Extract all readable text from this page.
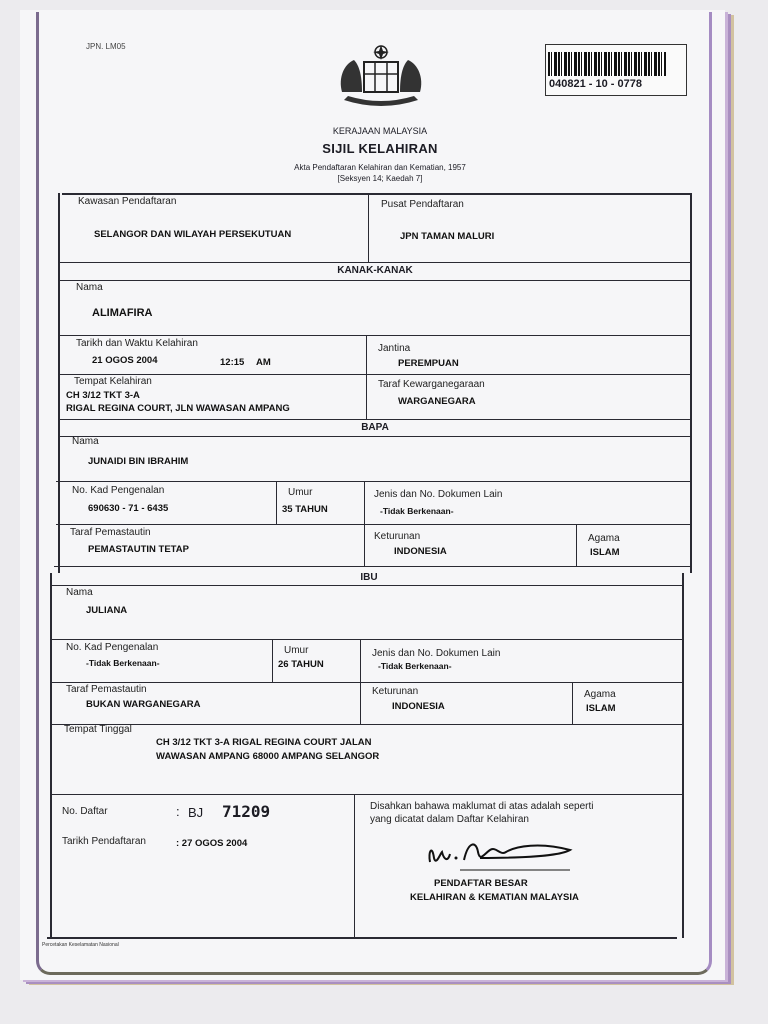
JPN. LM05
040821 - 10 - 0778
KERAJAAN MALAYSIA
SIJIL KELAHIRAN
Akta Pendaftaran Kelahiran dan Kematian, 1957
[Seksyen 14; Kaedah 7]
Kawasan Pendaftaran
SELANGOR DAN WILAYAH PERSEKUTUAN
Pusat Pendaftaran
JPN TAMAN MALURI
KANAK-KANAK
Nama
ALIMAFIRA
Tarikh dan Waktu Kelahiran
21 OGOS 2004	12:15 AM
Jantina
PEREMPUAN
Tempat Kelahiran
CH 3/12 TKT 3-A
RIGAL REGINA COURT, JLN WAWASAN AMPANG
Taraf Kewarganegaraan
WARGANEGARA
BAPA
Nama
JUNAIDI BIN IBRAHIM
No. Kad Pengenalan
690630 - 71 - 6435
Umur
35 TAHUN
Jenis dan No. Dokumen Lain
-Tidak Berkenaan-
Taraf Pemastautin
PEMASTAUTIN TETAP
Keturunan
INDONESIA
Agama
ISLAM
IBU
Nama
JULIANA
No. Kad Pengenalan
-Tidak Berkenaan-
Umur
26 TAHUN
Jenis dan No. Dokumen Lain
-Tidak Berkenaan-
Taraf Pemastautin
BUKAN WARGANEGARA
Keturunan
INDONESIA
Agama
ISLAM
Tempat Tinggal
CH 3/12 TKT 3-A RIGAL REGINA COURT JALAN
WAWASAN AMPANG 68000 AMPANG SELANGOR
No. Daftar	: BJ 71209
Tarikh Pendaftaran	: 27 OGOS 2004
Disahkan bahawa maklumat di atas adalah seperti
yang dicatat dalam Daftar Kelahiran
PENDAFTAR BESAR
KELAHIRAN & KEMATIAN MALAYSIA
Percetakan Keselamatan Nasional
